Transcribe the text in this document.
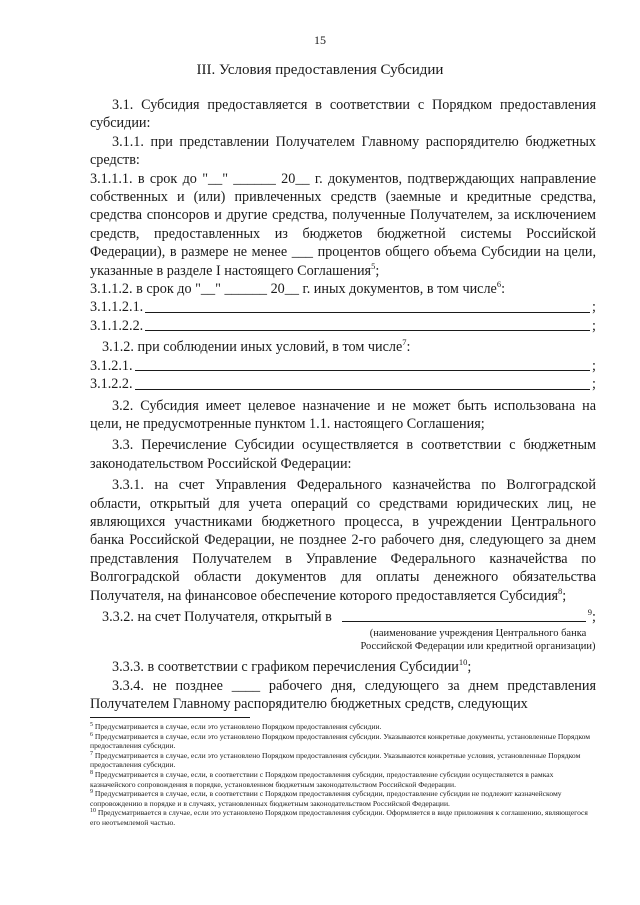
15
III. Условия предоставления Субсидии

3.1. Субсидия предоставляется в соответствии с Порядком предоставления субсидии:

3.1.1. при представлении Получателем Главному распорядителю бюджетных средств:

3.1.1.1. в срок до "__" ______ 20__ г. документов, подтверждающих направление собственных и (или) привлеченных средств (заемные и кредитные средства, средства спонсоров и другие средства, полученные Получателем, за исключением средств, предоставленных из бюджетов бюджетной системы Российской Федерации), в размере не менее ___ процентов общего объема Субсидии на цели, указанные в разделе I настоящего Соглашения$^5$;

3.1.1.2. в срок до "__" ______ 20__ г. иных документов, в том числе$^6$:

3.1.1.2.1.	;
3.1.1.2.2.	;

3.1.2. при соблюдении иных условий, в том числе$^7$:

3.1.2.1.	;
3.1.2.2.	;

3.2. Субсидия имеет целевое назначение и не может быть использована на цели, не предусмотренные пунктом 1.1. настоящего Соглашения;

3.3. Перечисление Субсидии осуществляется в соответствии с бюджетным законодательством Российской Федерации:

3.3.1. на счет Управления Федерального казначейства по Волгоградской области, открытый для учета операций со средствами юридических лиц, не являющихся участниками бюджетного процесса, в учреждении Центрального банка Российской Федерации, не позднее 2-го рабочего дня, следующего за днем представления Получателем в Управление Федерального казначейства по Волгоградской области документов для оплаты денежного обязательства Получателя, на финансовое обеспечение которого предоставляется Субсидия$^8$;

3.3.2. на счет Получателя, открытый в	$^9$;
(наименование учреждения Центрального банка Российской Федерации или кредитной организации)

3.3.3. в соответствии с графиком перечисления Субсидии$^{10}$;

3.3.4. не позднее ____ рабочего дня, следующего за днем представления Получателем Главному распорядителю бюджетных средств, следующих

$^5$ Предусматривается в случае, если это установлено Порядком предоставления субсидии.

$^6$ Предусматривается в случае, если это установлено Порядком предоставления субсидии. Указываются конкретные документы, установленные Порядком предоставления субсидии.

$^7$ Предусматривается в случае, если это установлено Порядком предоставления субсидии. Указываются конкретные условия, установленные Порядком предоставления субсидии.

$^8$ Предусматривается в случае, если, в соответствии с Порядком предоставления субсидии, предоставление субсидии осуществляется в рамках казначейского сопровождения в порядке, установленном бюджетным законодательством Российской Федерации.

$^9$ Предусматривается в случае, если, в соответствии с Порядком предоставления субсидии, предоставление субсидии не подлежит казначейскому сопровождению в порядке и в случаях, установленных бюджетным законодательством Российской Федерации.

$^{10}$ Предусматривается в случае, если это установлено Порядком предоставления субсидии. Оформляется в виде приложения к соглашению, являющегося его неотъемлемой частью.
